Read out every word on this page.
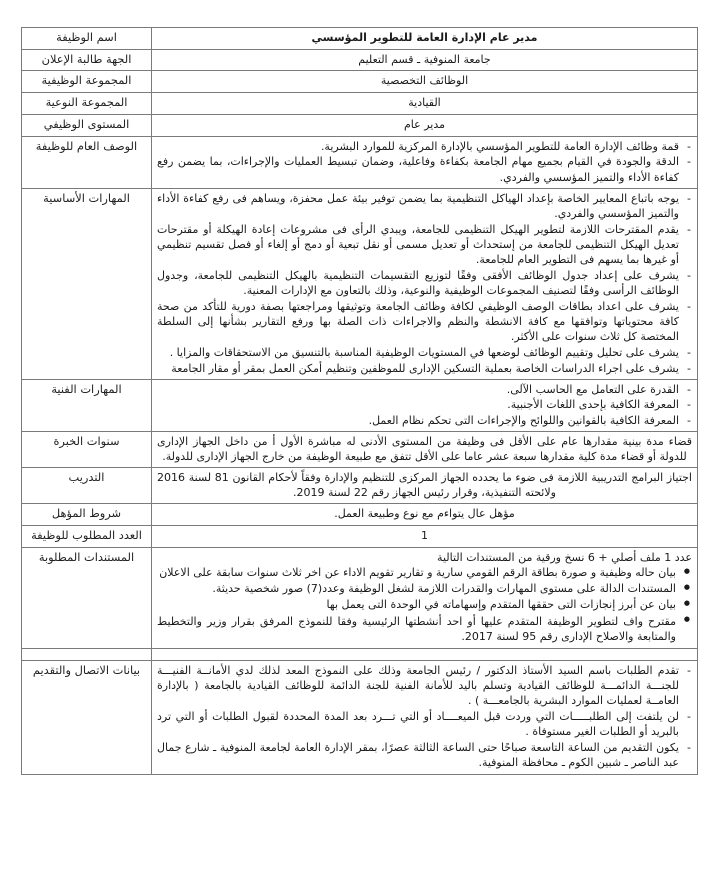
مدير عام الإدارة العامة للتطوير المؤسسي	اسم الوظيفة
جامعة المنوفية ـ قسم التعليم	الجهة طالبة الإعلان
الوظائف التخصصية	المجموعة الوظيفية
القيادية	المجموعة النوعية
مدير عام	المستوى الوظيفي

- قمة وظائف الإدارة العامة للتطوير المؤسسي بالإدارة المركزية للموارد البشرية.
- الدقة والجودة في القيام بجميع مهام الجامعة بكفاءة وفاعلية، وضمان تبسيط العمليات والإجراءات، بما يضمن رفع كفاءة الأداء والتميز المؤسسي والفردي.
	الوصف العام للوظيفة

- يوجه باتباع المعايير الخاصة بإعداد الهياكل التنظيمية بما يضمن توفير بيئة عمل محفزة، ويساهم فى رفع كفاءة الأداء والتميز المؤسسي والفردي.
- يقدم المقترحات اللازمة لتطوير الهيكل التنظيمى للجامعة، ويبدي الرأى فى مشروعات إعادة الهيكلة أو مقترحات تعديل الهيكل التنظيمى للجامعة من إستحداث أو تعديل مسمى أو نقل تبعية أو دمج أو إلغاء أو فصل تقسيم تنظيمي أو غيرها بما يسهم فى التطوير العام للجامعة.
- يشرف على إعداد جدول الوظائف الأفقى وفقًا لتوزيع التقسيمات التنظيمية بالهيكل التنظيمى للجامعة، وجدول الوظائف الرأسى وفقًا لتصنيف المجموعات الوظيفية والنوعية، وذلك بالتعاون مع الإدارات المعنية.
- يشرف على اعداد بطاقات الوصف الوظيفي لكافة وظائف الجامعة وتوثيقها ومراجعتها بصفة دورية للتأكد من صحة كافة محتوياتها وتوافقها مع كافة الانشطة والنظم والاجراءات ذات الصلة بها ورفع التقارير بشأنها إلى السلطة المختصة كل ثلاث سنوات على الأكثر.
- يشرف على تحليل وتقييم الوظائف لوضعها في المستويات الوظيفية المناسبة بالتنسيق من الاستحقاقات والمزايا .
- يشرف على اجراء الدراسات الخاصة بعملية التسكين الإدارى للموظفين وتنظيم أمكن العمل بمقر أو مقار الجامعة
	المهارات الأساسية

- القدرة على التعامل مع الحاسب الآلى.
- المعرفة الكافية بإحدى اللغات الأجنبية.
- المعرفة الكافية بالقوانين واللوائح والإجراءات التى تحكم نظام العمل.
	المهارات الفنية
قضاء مدة بينية مقدارها عام على الأقل فى وظيفة من المستوى الأدنى له مباشرة الأول أ من داخل الجهاز الإدارى للدولة أو قضاء مدة كلية مقدارها سبعة عشر عاما على الأقل تتفق مع طبيعة الوظيفة من خارج الجهاز الإدارى للدولة.	سنوات الخبرة
اجتياز البرامج التدريبية اللازمة فى ضوء ما يحدده الجهاز المركزى للتنظيم والإدارة وفقاً لأحكام القانون 81 لسنة 2016 ولائحته التنفيذية، وقرار رئيس الجهاز رقم 22 لسنة 2019.	التدريب
مؤهل عال يتواءم مع نوع وطبيعة العمل.	شروط المؤهل
1	العدد المطلوب للوظيفة

عدد 1 ملف أصلي + 6 نسخ ورقية من المستندات التالية
● بيان حاله وظيفية و صورة بطاقة الرقم القومي سارية و تقارير تقويم الاداء عن اخر ثلاث سنوات سابقة على الاعلان
● المستندات الدالة على مستوى المهارات والقدرات اللازمة لشغل الوظيفة وعدد(7) صور شخصية حديثة.
● بيان عن أبرز إنجازات التى حققها المتقدم وإسهاماته في الوحدة التى يعمل بها
● مقترح واف لتطوير الوظيفة المتقدم عليها أو احد أنشطتها الرئيسية وفقا للنموذج المرفق بقرار وزير والتخطيط والمتابعة والاصلاح الإدارى رقم 95 لسنة 2017.
	المستندات المطلوبة

- تقدم الطلبات باسم السيد الأستاذ الدكتور / رئيس الجامعة وذلك على النموذج المعد لذلك لدي الأمانــة الفنيـــة للجنـــة الدائمـــة للوظائف القيادية وتسلم باليد للأمانة الفنية للجنة الدائمة للوظائف القيادية بالجامعة ( بالإدارة العامــة لعمليات الموارد البشرية بالجامعـــة ) .
- لن يلتفت إلى الطلبـــــات التي وردت قبل الميعــــاد أو التي تـــرد بعد المدة المحددة لقبول الطلبات أو التي ترد بالبريد أو الطلبات الغير مستوفاة .
- يكون التقديم من الساعة التاسعة صباحًا حتى الساعة الثالثة عصرًا، بمقر الإدارة العامة لجامعة المنوفية ـ شارع جمال عبد الناصر ـ شبين الكوم ـ محافظة المنوفية.
	بيانات الاتصال والتقديم
